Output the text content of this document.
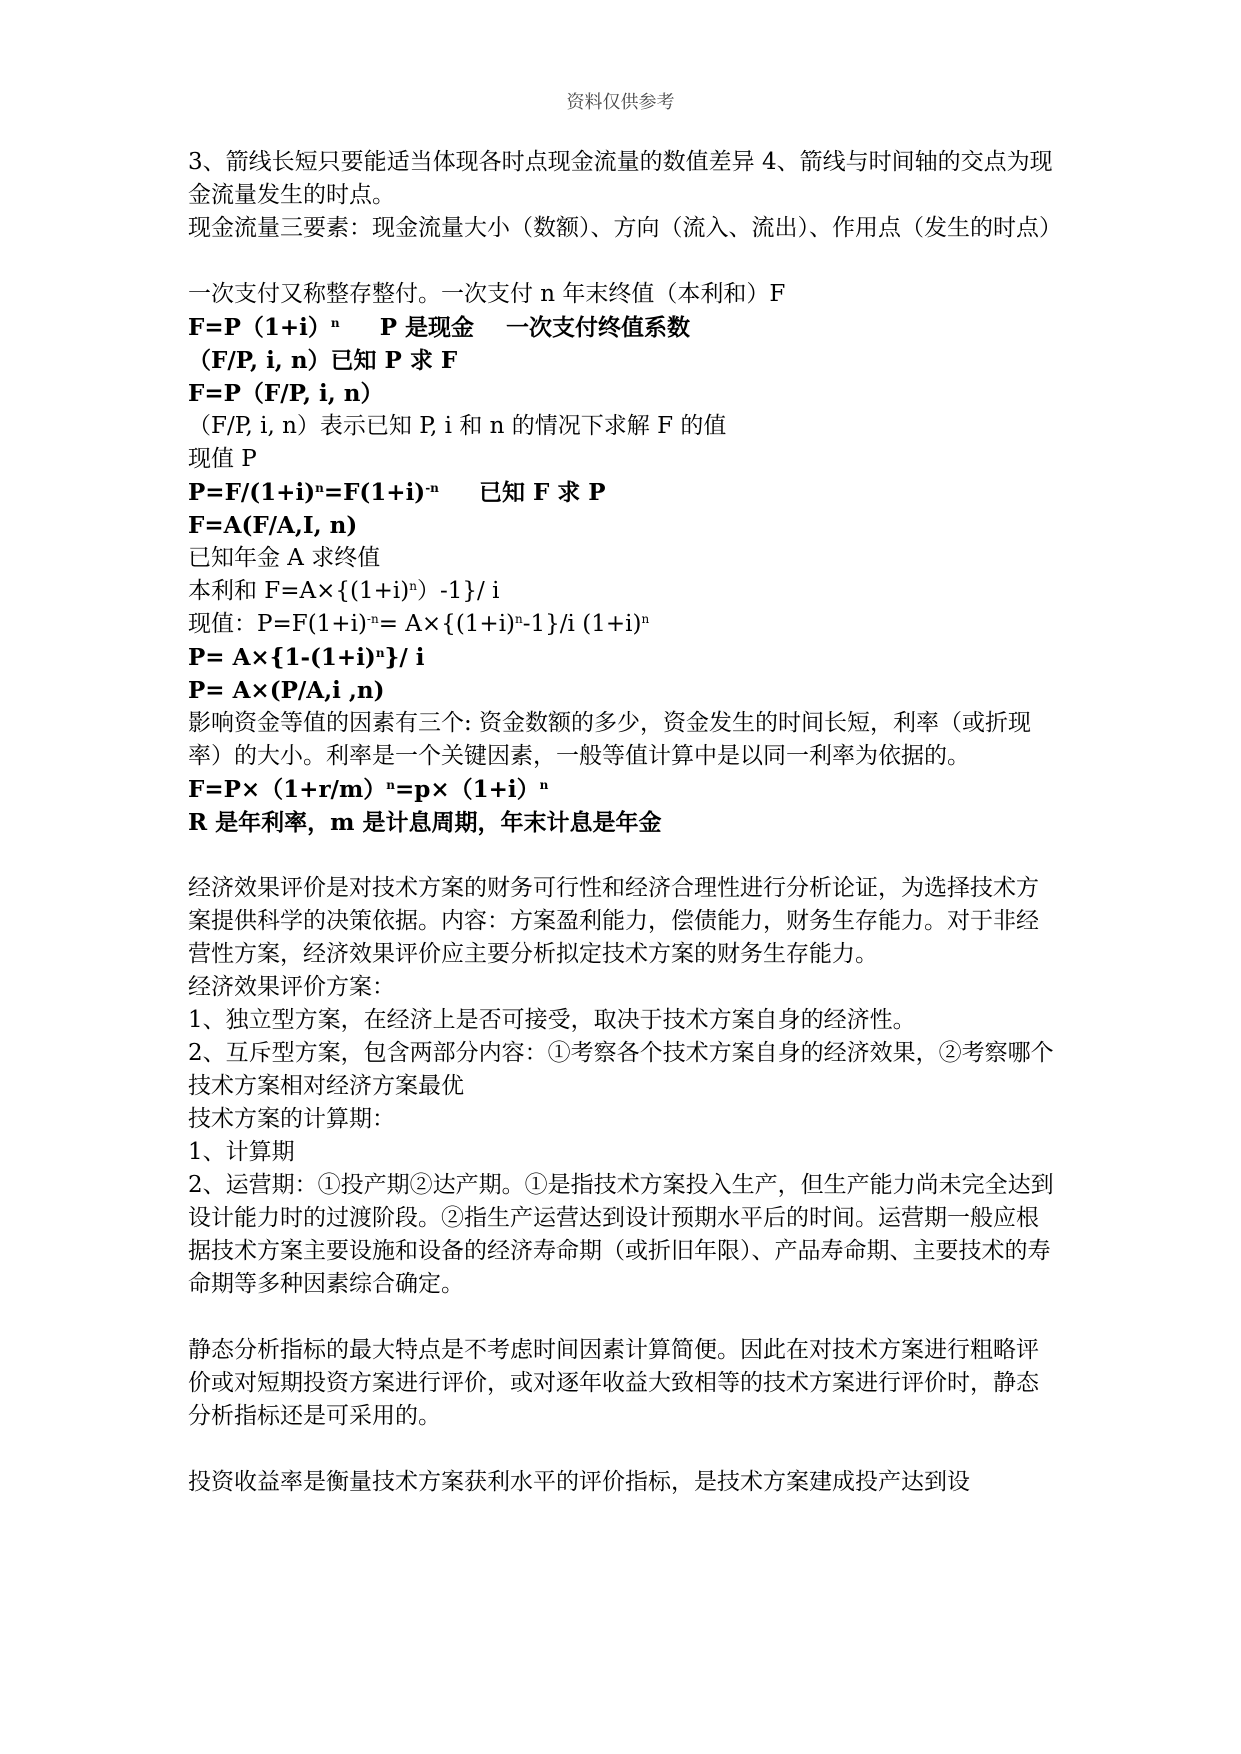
资料仅供参考
3、箭线长短只要能适当体现各时点现金流量的数值差异 4、箭线与时间轴的交点为现金流量发生的时点。
现金流量三要素：现金流量大小（数额）、方向（流入、流出）、作用点（发生的时点）
一次支付又称整存整付。一次支付 n 年末终值（本利和）F
$F=P(1+i)^n$     P 是现金    一次支付终值系数
（F/P, i, n）已知 P 求 F
F=P（F/P, i, n）
（F/P, i, n）表示已知 P, i 和 n 的情况下求解 F 的值
现值 P
$P=F/(1+i)^n=F(1+i)^{-n}$     已知 F 求 P
F=A(F/A,I, n)
已知年金 A 求终值
本利和 $F=A\times\{(1+i)^n)-1\}/$ i
现值：$P=F(1+i)^{-n}= A\times\{(1+i)^n-1\}/i$ $(1+i)^n$
$P= A\times\{1-(1+i)^n\}/$ i
P= A×(P/A,i ,n)
影响资金等值的因素有三个: 资金数额的多少，资金发生的时间长短，利率（或折现率）的大小。利率是一个关键因素，一般等值计算中是以同一利率为依据的。
$F=P\times(1+r/m)^n=p\times(1+i)^n$
R 是年利率，m 是计息周期，年末计息是年金
经济效果评价是对技术方案的财务可行性和经济合理性进行分析论证，为选择技术方案提供科学的决策依据。内容：方案盈利能力，偿债能力，财务生存能力。对于非经营性方案，经济效果评价应主要分析拟定技术方案的财务生存能力。
经济效果评价方案：
1、独立型方案，在经济上是否可接受，取决于技术方案自身的经济性。
2、互斥型方案，包含两部分内容：①考察各个技术方案自身的经济效果，②考察哪个技术方案相对经济方案最优
技术方案的计算期：
1、计算期
2、运营期：①投产期②达产期。①是指技术方案投入生产，但生产能力尚未完全达到设计能力时的过渡阶段。②指生产运营达到设计预期水平后的时间。运营期一般应根据技术方案主要设施和设备的经济寿命期（或折旧年限）、产品寿命期、主要技术的寿命期等多种因素综合确定。
静态分析指标的最大特点是不考虑时间因素计算简便。因此在对技术方案进行粗略评价或对短期投资方案进行评价，或对逐年收益大致相等的技术方案进行评价时，静态分析指标还是可采用的。
投资收益率是衡量技术方案获利水平的评价指标，是技术方案建成投产达到设
